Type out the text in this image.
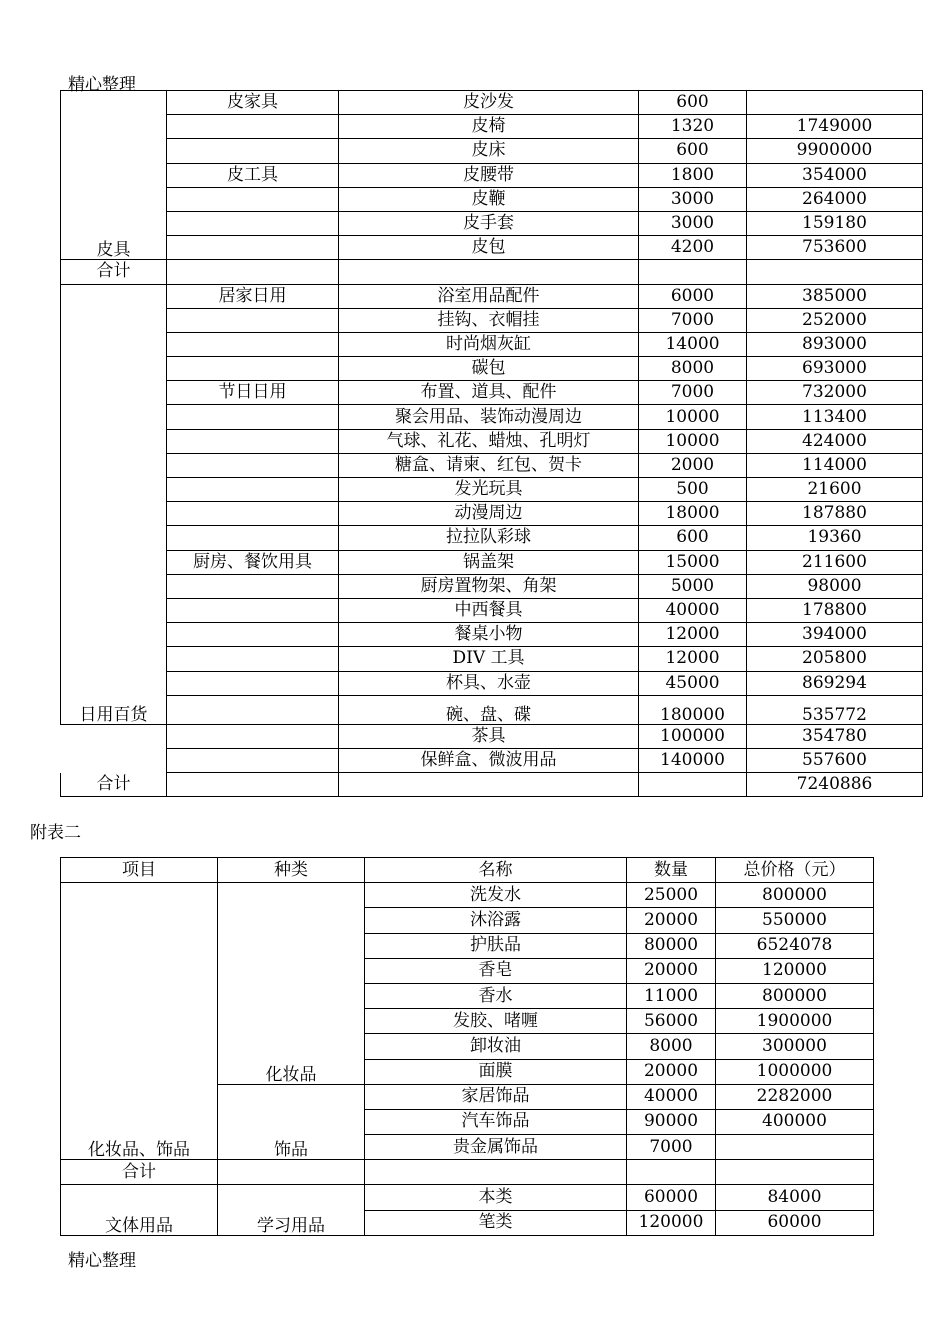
精心整理
皮具	皮家具	皮沙发	600	
		皮椅	1320	1749000
		皮床	600	9900000
	皮工具	皮腰带	1800	354000
		皮鞭	3000	264000
		皮手套	3000	159180
		皮包	4200	753600
合计				
日用百货	居家日用	浴室用品配件	6000	385000
		挂钩、衣帽挂	7000	252000
		时尚烟灰缸	14000	893000
		碳包	8000	693000
	节日日用	布置、道具、配件	7000	732000
		聚会用品、装饰动漫周边	10000	113400
		气球、礼花、蜡烛、孔明灯	10000	424000
		糖盒、请柬、红包、贺卡	2000	114000
		发光玩具	500	21600
		动漫周边	18000	187880
		拉拉队彩球	600	19360
	厨房、餐饮用具	锅盖架	15000	211600
		厨房置物架、角架	5000	98000
		中西餐具	40000	178800
		餐桌小物	12000	394000
		DIV 工具	12000	205800
		杯具、水壶	45000	869294
		碗、盘、碟	180000	535772
		茶具	100000	354780
		保鲜盒、微波用品	140000	557600
合计				7240886
附表二
项目	种类	名称	数量	总价格（元）
化妆品、饰品	化妆品	洗发水	25000	800000
		沐浴露	20000	550000
		护肤品	80000	6524078
		香皂	20000	120000
		香水	11000	800000
		发胶、啫喱	56000	1900000
		卸妆油	8000	300000
		面膜	20000	1000000
	饰品	家居饰品	40000	2282000
		汽车饰品	90000	400000
		贵金属饰品	7000	
合计				
文体用品	学习用品	本类	60000	84000
		笔类	120000	60000
精心整理
